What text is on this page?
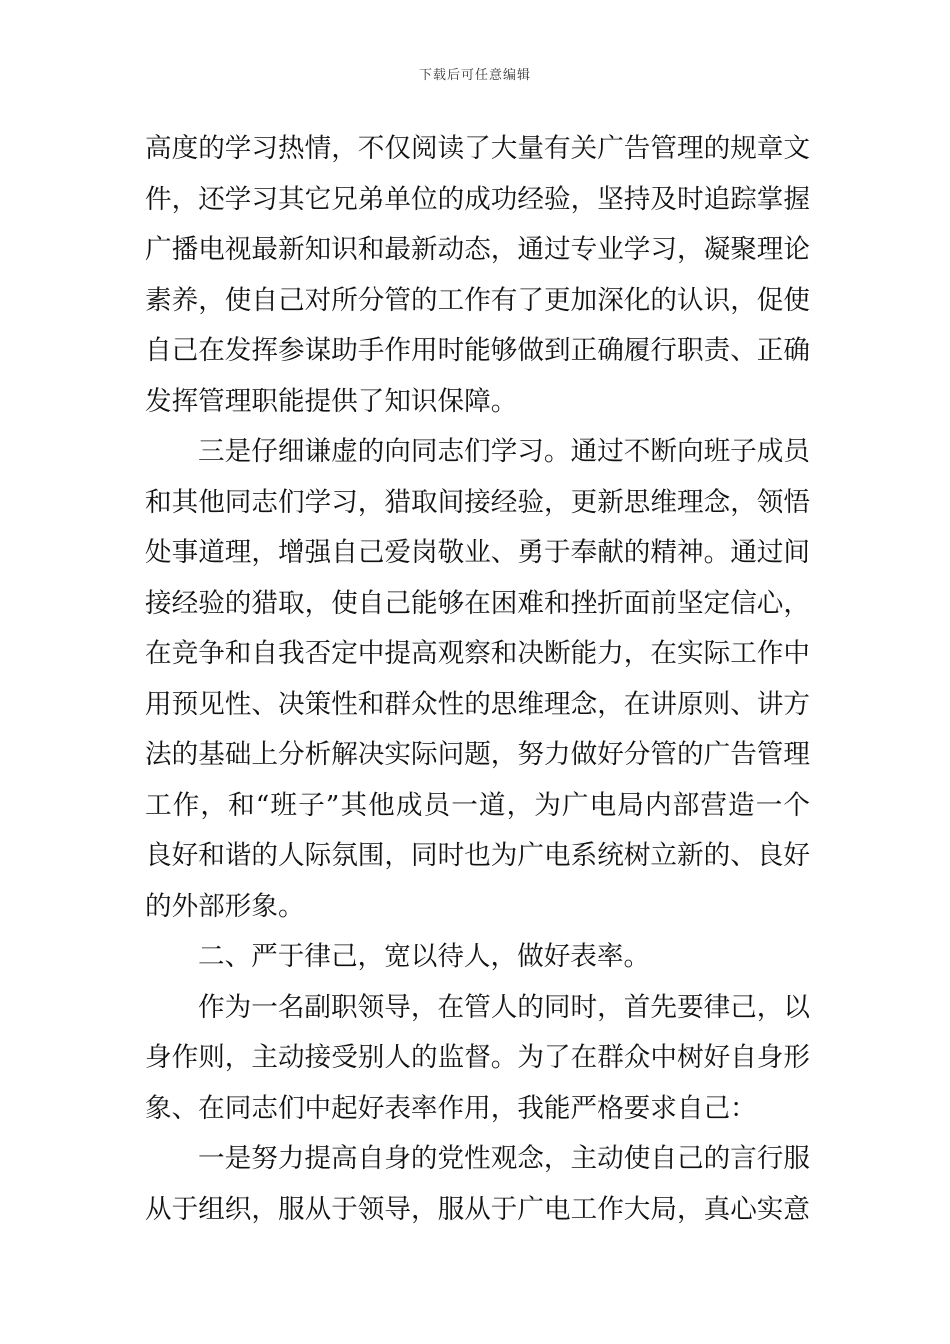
下载后可任意编辑
高度的学习热情，不仅阅读了大量有关广告管理的规章文
件，还学习其它兄弟单位的成功经验，坚持及时追踪掌握
广播电视最新知识和最新动态，通过专业学习，凝聚理论
素养，使自己对所分管的工作有了更加深化的认识，促使
自己在发挥参谋助手作用时能够做到正确履行职责、正确
发挥管理职能提供了知识保障。
三是仔细谦虚的向同志们学习。通过不断向班子成员
和其他同志们学习，猎取间接经验，更新思维理念，领悟
处事道理，增强自己爱岗敬业、勇于奉献的精神。通过间
接经验的猎取，使自己能够在困难和挫折面前坚定信心，
在竞争和自我否定中提高观察和决断能力，在实际工作中
用预见性、决策性和群众性的思维理念，在讲原则、讲方
法的基础上分析解决实际问题，努力做好分管的广告管理
工作，和“班子”其他成员一道，为广电局内部营造一个
良好和谐的人际氛围，同时也为广电系统树立新的、良好
的外部形象。
二、严于律己，宽以待人，做好表率。
作为一名副职领导，在管人的同时，首先要律己，以
身作则，主动接受别人的监督。为了在群众中树好自身形
象、在同志们中起好表率作用，我能严格要求自己：
一是努力提高自身的党性观念，主动使自己的言行服
从于组织，服从于领导，服从于广电工作大局，真心实意
